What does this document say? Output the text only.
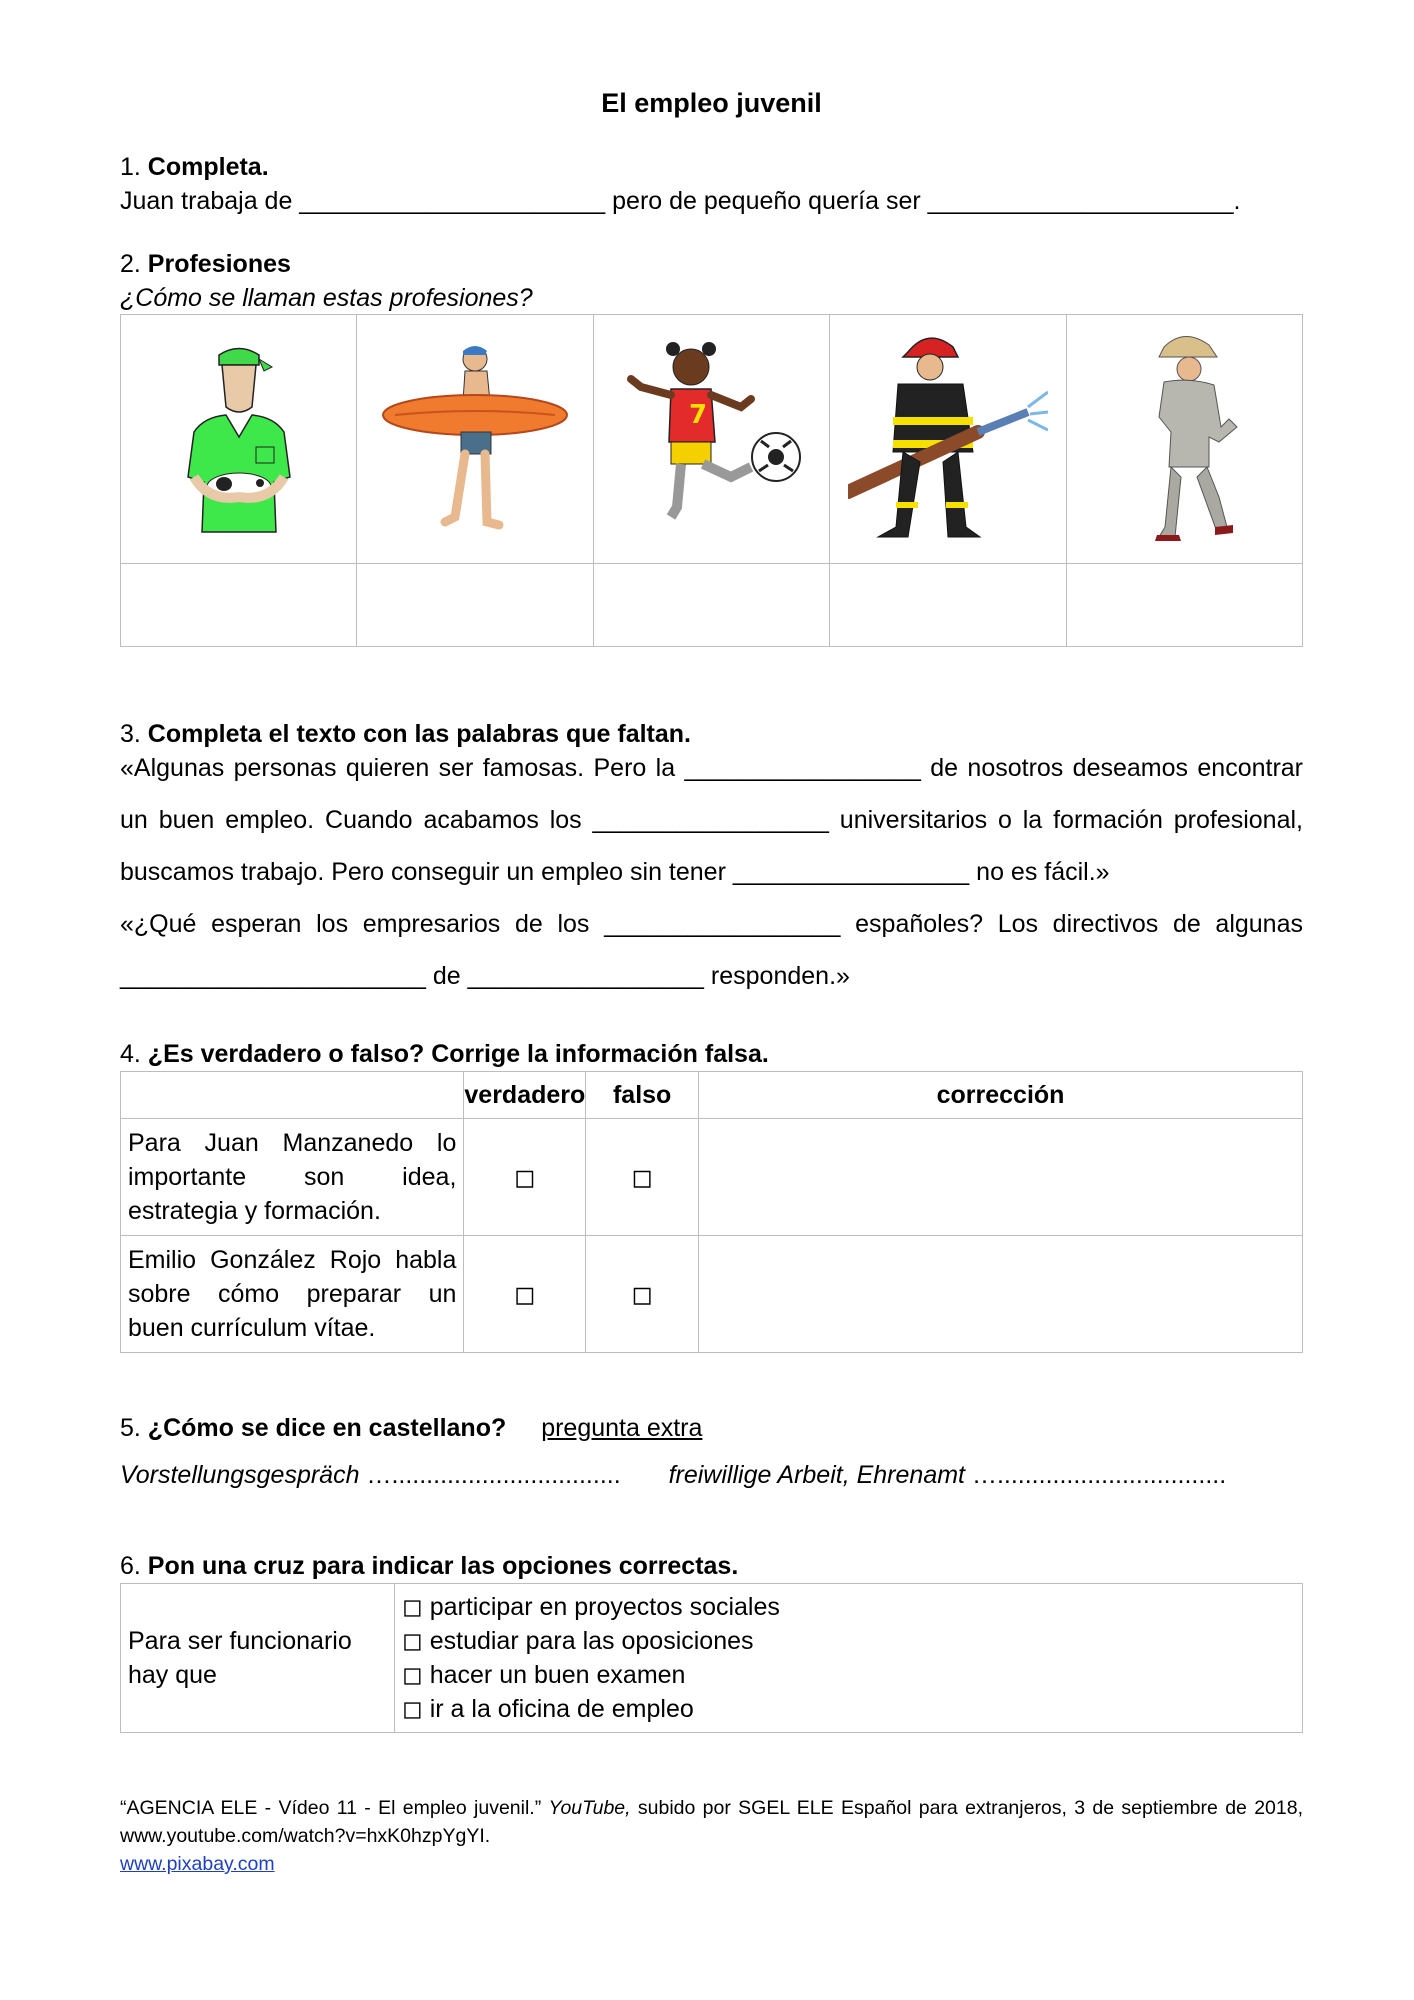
El empleo juvenil
1. Completa.
Juan trabaja de ______________________ pero de pequeño quería ser ______________________.
2. Profesiones
¿Cómo se llaman estas profesiones?

7

3. Completa el texto con las palabras que faltan.
«Algunas personas quieren ser famosas. Pero la _________________ de nosotros deseamos encontrar
un buen empleo. Cuando acabamos los _________________ universitarios o la formación profesional,
buscamos trabajo. Pero conseguir un empleo sin tener _________________ no es fácil.»
«¿Qué esperan los empresarios de los _________________ españoles? Los directivos de algunas
______________________ de _________________ responden.»
4. ¿Es verdadero o falso? Corrige la información falsa.
	verdadero	falso	corrección
Para Juan Manzanedo lo importante son idea, estrategia y formación.	◻	◻	
Emilio González Rojo habla sobre cómo preparar un buen currículum vítae.	◻	◻	
5. ¿Cómo se dice en castellano? pregunta extra
Vorstellungsgespräch …................................. freiwillige Arbeit, Ehrenamt ….................................
6. Pon una cruz para indicar las opciones correctas.
Para ser funcionario
hay que

◻ participar en proyectos sociales
◻ estudiar para las oposiciones
◻ hacer un buen examen
◻ ir a la oficina de empleo
“AGENCIA ELE - Vídeo 11 - El empleo juvenil.” YouTube, subido por SGEL ELE Español para extranjeros, 3 de septiembre de 2018, www.youtube.com/watch?v=hxK0hzpYgYI.
www.pixabay.com
